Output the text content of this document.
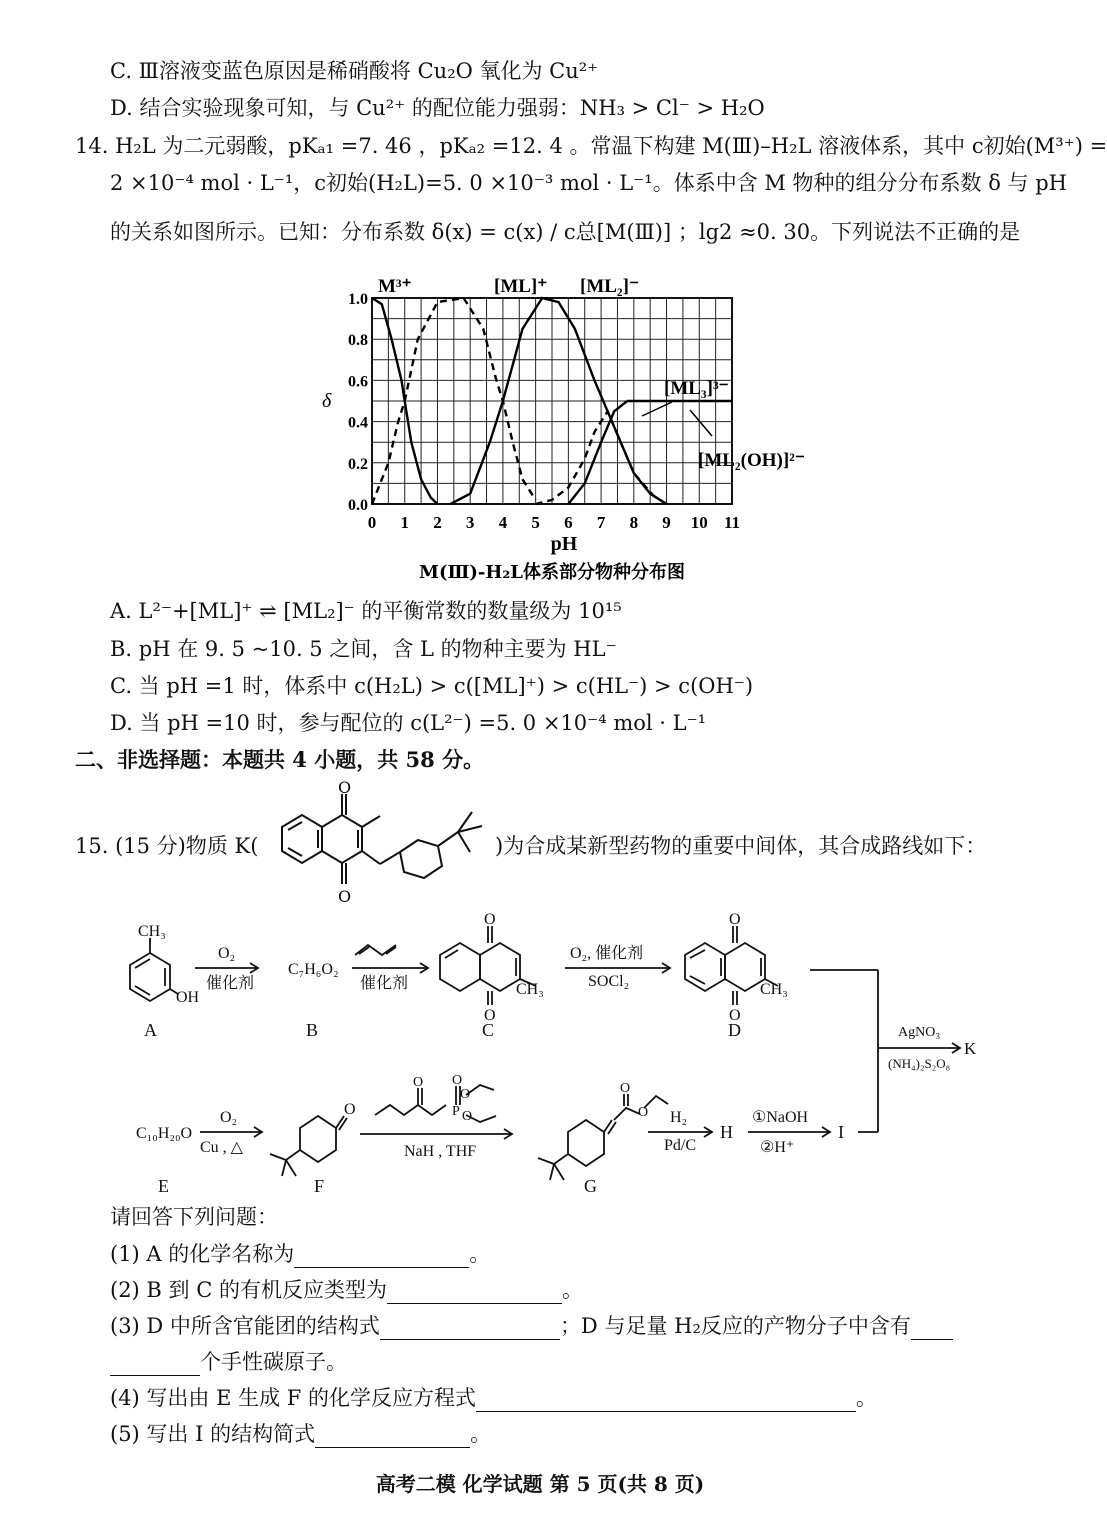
C. Ⅲ溶液变蓝色原因是稀硝酸将 Cu₂O 氧化为 Cu²⁺
D. 结合实验现象可知，与 Cu²⁺ 的配位能力强弱：NH₃ > Cl⁻ > H₂O
14. H₂L 为二元弱酸，pKₐ₁ =7. 46 ，pKₐ₂ =12. 4 。常温下构建 M(Ⅲ)–H₂L 溶液体系，其中 c初始(M³⁺) =
2 ×10⁻⁴ mol · L⁻¹，c初始(H₂L)=5. 0 ×10⁻³ mol · L⁻¹。体系中含 M 物种的组分分布系数 δ 与 pH
的关系如图所示。已知：分布系数 δ(x) = c(x) / c总[M(Ⅲ)] ；lg2 ≈0. 30。下列说法不正确的是
0 1 2 3 4 5 6 7 8 9 10 11
0.0
0.2
0.4
0.6
0.8
1.0
pH
δ
M(Ⅲ)-H₂L体系部分物种分布图
M³⁺	[ML]⁺ [ML₂]⁻
[ML₃]³⁻
[ML₂(OH)]²⁻
A. L²⁻+[ML]⁺ ⇌ [ML₂]⁻ 的平衡常数的数量级为 10¹⁵
B. pH 在 9. 5 ~10. 5 之间，含 L 的物种主要为 HL⁻
C. 当 pH =1 时，体系中 c(H₂L) > c([ML]⁺) > c(HL⁻) > c(OH⁻)
D. 当 pH =10 时，参与配位的 c(L²⁻) =5. 0 ×10⁻⁴ mol · L⁻¹
二、非选择题：本题共 4 小题，共 58 分。
15. (15 分)物质 K(	)为合成某新型药物的重要中间体，其合成路线如下：
O
O
CH₃
OH
A
O₂
催化剂
C₇H₆O₂
B
催化剂
O
O
CH₃
C
O₂, 催化剂
SOCl₂
O
O
CH₃
D	AgNO₃
(NH₄)₂S₂O₈
K
C₁₀H₂₀O
E
O₂
Cu , △
O
F
NaH , THF
O O
P
O
O
O
O
G
H₂
Pd/C
H
①NaOH
②H⁺
I
请回答下列问题：
(1) A 的化学名称为	。
(2) B 到 C 的有机反应类型为	。
(3) D 中所含官能团的结构式	；D 与足量 H₂反应的产物分子中含有
个手性碳原子。
(4) 写出由 E 生成 F 的化学反应方程式	。
(5) 写出 I 的结构简式	。
高考二模 化学试题 第 5 页(共 8 页)
